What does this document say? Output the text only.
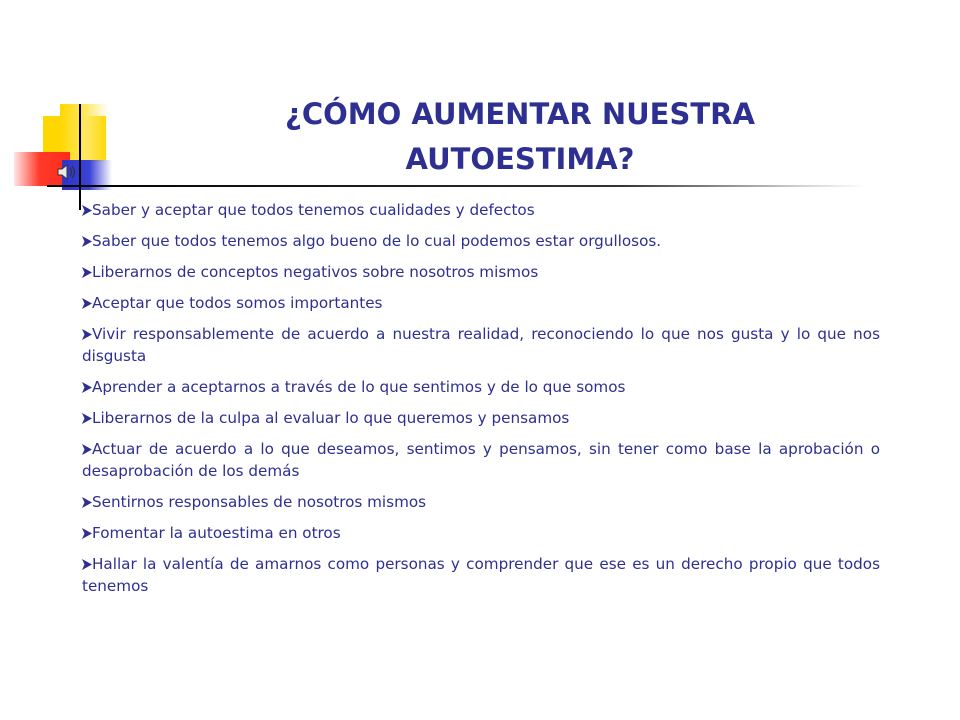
¿CÓMO AUMENTAR NUESTRA AUTOESTIMA?
Saber y aceptar que todos tenemos cualidades y defectos
Saber que todos tenemos algo bueno de lo cual podemos estar orgullosos.
Liberarnos de conceptos negativos sobre nosotros mismos
Aceptar que todos somos importantes
Vivir responsablemente de acuerdo a nuestra realidad, reconociendo lo que nos gusta y lo que nos disgusta
Aprender a aceptarnos a través de lo que sentimos y de lo que somos
Liberarnos de la culpa al evaluar lo que queremos y pensamos
Actuar de acuerdo a lo que deseamos, sentimos y pensamos, sin tener como base la aprobación o desaprobación de los demás
Sentirnos responsables de nosotros mismos
Fomentar la autoestima en otros
Hallar la valentía de amarnos como personas y comprender que ese es un derecho propio que todos tenemos
